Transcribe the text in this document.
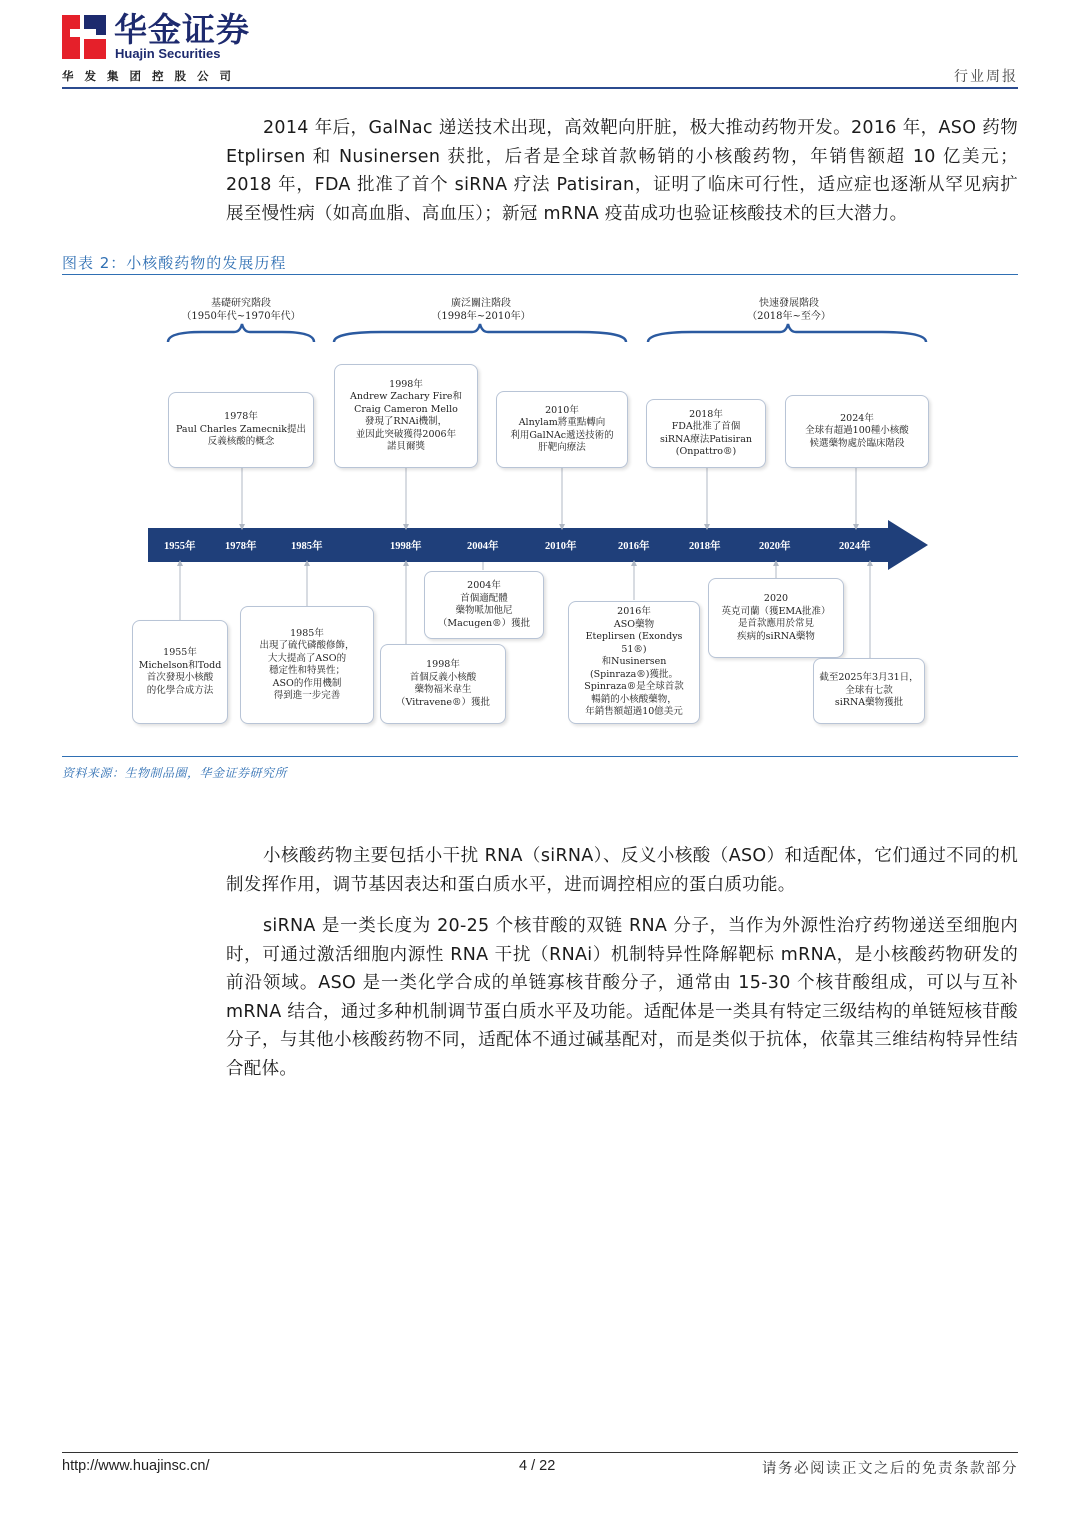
华金证券
Huajin Securities
华发集团控股公司	行业周报
2014 年后，GalNac 递送技术出现，高效靶向肝脏，极大推动药物开发。2016 年，ASO 药物 Etplirsen 和 Nusinersen 获批，后者是全球首款畅销的小核酸药物，年销售额超 10 亿美元；2018 年，FDA 批准了首个 siRNA 疗法 Patisiran，证明了临床可行性，适应症也逐渐从罕见病扩展至慢性病（如高血脂、高血压）；新冠 mRNA 疫苗成功也验证核酸技术的巨大潜力。
图表 2：小核酸药物的发展历程
基礎研究階段
（1950年代~1970年代）
廣泛關注階段
（1998年~2010年）
快速發展階段
（2018年~至今）
1955年	1978年	1985年	1998年	2004年	2010年	2016年	2018年	2020年	2024年
1978年
Paul Charles Zamecnik提出
反義核酸的概念
1998年
Andrew Zachary Fire和
Craig Cameron Mello
發現了RNAi機制，
並因此突破獲得2006年
諾貝爾獎
2010年
Alnylam將重點轉向
利用GalNAc遞送技術的
肝靶向療法
2018年
FDA批准了首個
siRNA療法Patisiran
(Onpattro®)
2024年
全球有超過100種小核酸
候選藥物處於臨床階段
1955年
Michelson和Todd
首次發現小核酸
的化學合成方法
1985年
出現了硫代磷酸修飾，
大大提高了ASO的
穩定性和特異性；
ASO的作用機制
得到進一步完善
1998年
首個反義小核酸
藥物福米韋生
（Vitravene®）獲批
2004年
首個適配體
藥物哌加他尼
（Macugen®）獲批
2016年
ASO藥物
Eteplirsen (Exondys 51®)
和Nusinersen
(Spinraza®)獲批。
Spinraza®是全球首款
暢銷的小核酸藥物，
年銷售額超過10億美元
2020
英克司蘭（獲EMA批准）
是首款應用於常見
疾病的siRNA藥物
截至2025年3月31日，
全球有七款
siRNA藥物獲批
资料来源：生物制品圈，华金证券研究所
小核酸药物主要包括小干扰 RNA（siRNA）、反义小核酸（ASO）和适配体，它们通过不同的机制发挥作用，调节基因表达和蛋白质水平，进而调控相应的蛋白质功能。
siRNA 是一类长度为 20-25 个核苷酸的双链 RNA 分子，当作为外源性治疗药物递送至细胞内时，可通过激活细胞内源性 RNA 干扰（RNAi）机制特异性降解靶标 mRNA，是小核酸药物研发的前沿领域。ASO 是一类化学合成的单链寡核苷酸分子，通常由 15-30 个核苷酸组成，可以与互补 mRNA 结合，通过多种机制调节蛋白质水平及功能。适配体是一类具有特定三级结构的单链短核苷酸分子，与其他小核酸药物不同，适配体不通过碱基配对，而是类似于抗体，依靠其三维结构特异性结合配体。
http://www.huajinsc.cn/	4 / 22	请务必阅读正文之后的免责条款部分
